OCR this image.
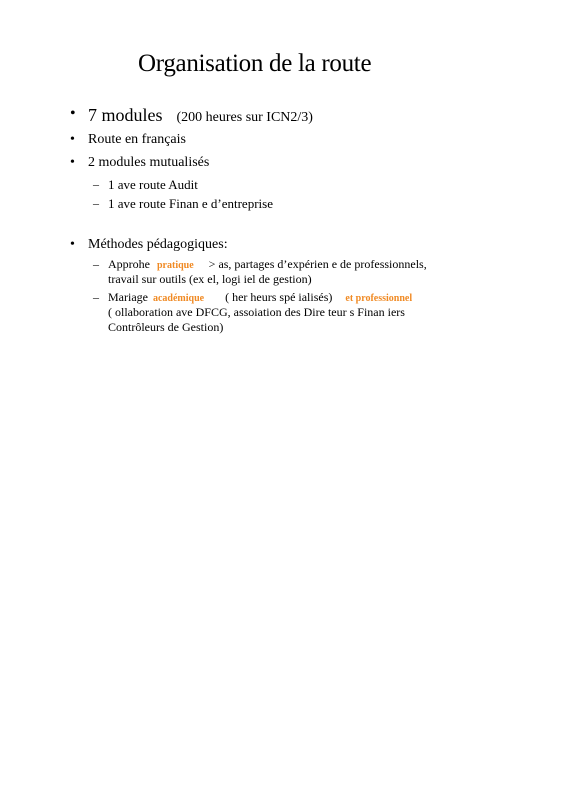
Organisation de la route
• 7 modules (200 heures sur ICN2/3)
• Route en français
• 2 modules mutualisés
– 1 ave route Audit
– 1 ave route Finan e d’entreprise
• Méthodes pédagogiques:
– Approhe pratique > as, partages d’expérien e de professionnels,
travail sur outils (ex el, logi iel de gestion)
– Mariage académique ( her heurs spé ialisés) et professionnel
( ollaboration ave DFCG, assoiation des Dire teur s Finan iers
Contrôleurs de Gestion)
